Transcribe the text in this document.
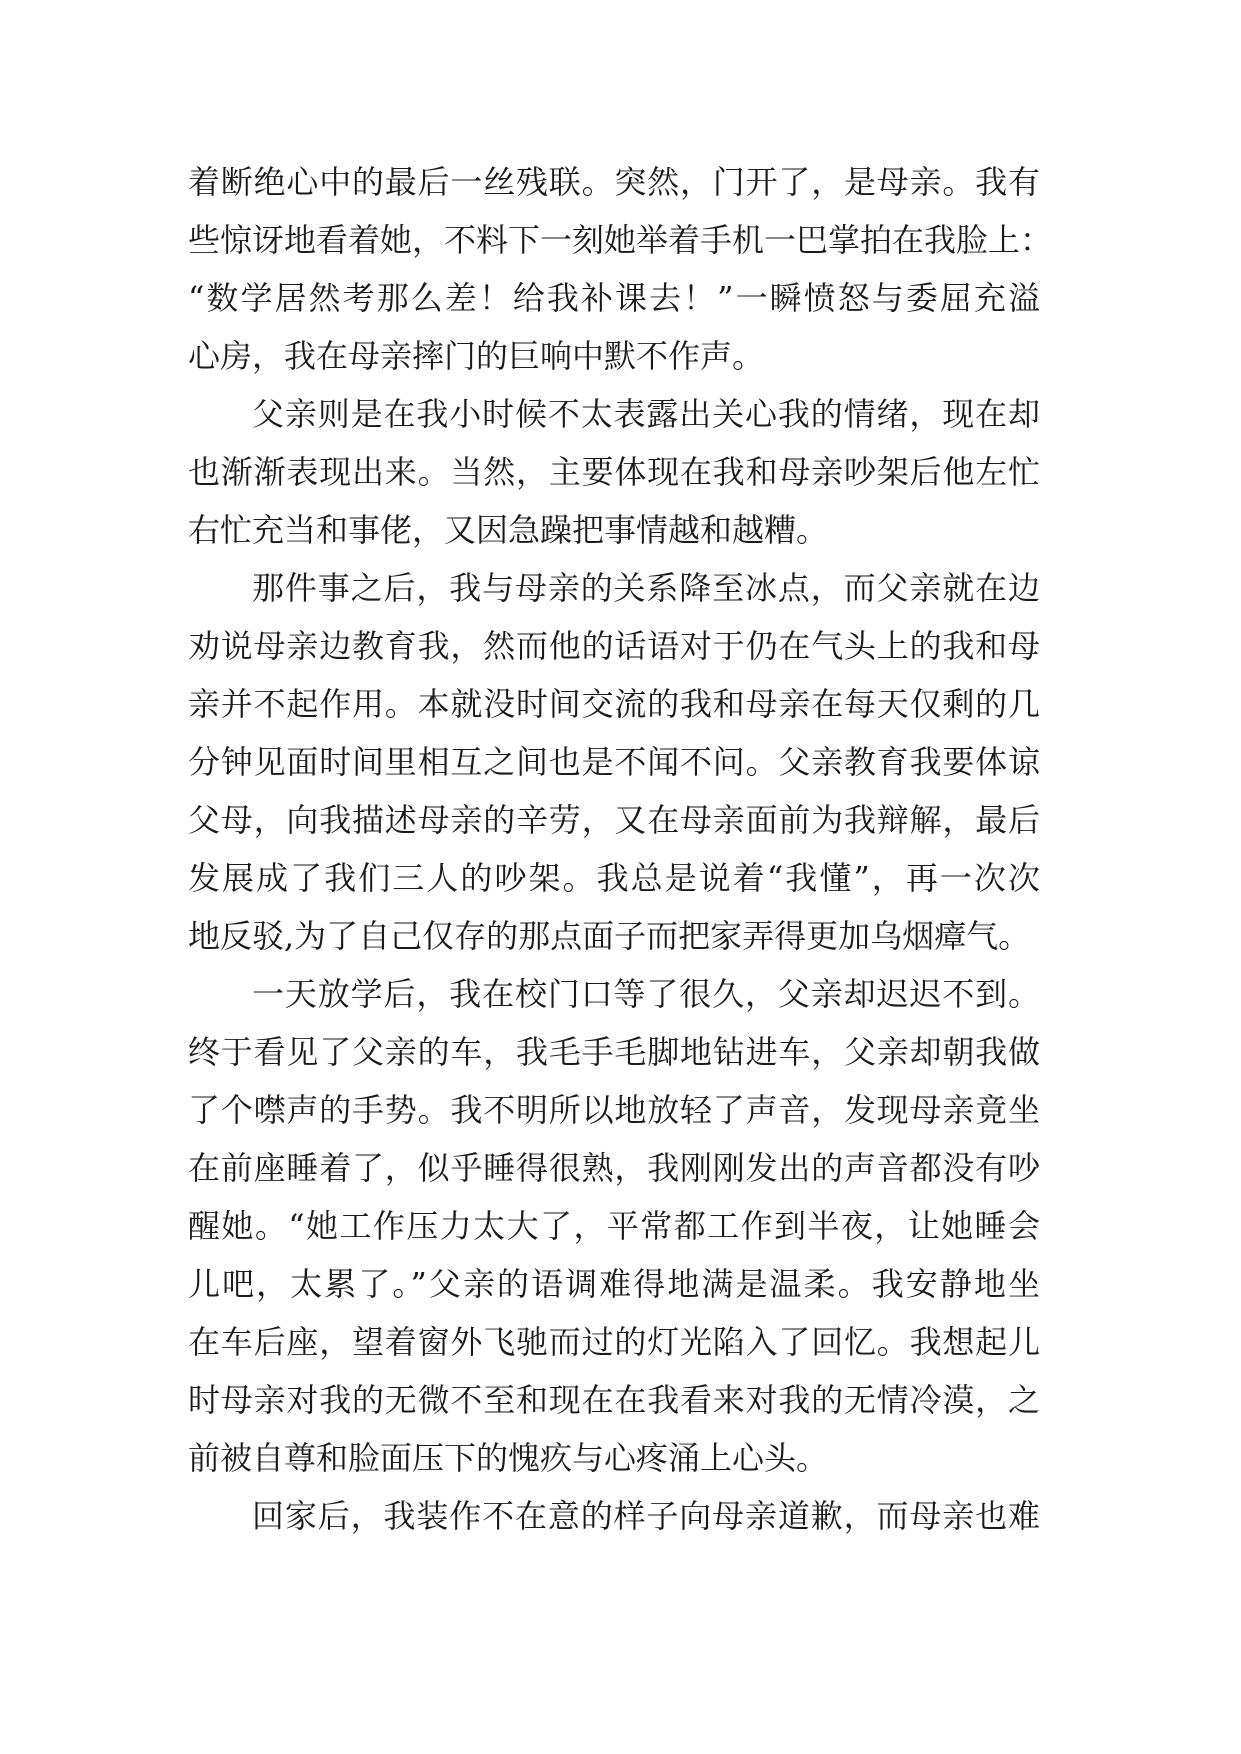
着断绝心中的最后一丝残联。突然，门开了，是母亲。我有
些惊讶地看着她，不料下一刻她举着手机一巴掌拍在我脸上：
“数学居然考那么差！给我补课去！”一瞬愤怒与委屈充溢
心房，我在母亲摔门的巨响中默不作声。
父亲则是在我小时候不太表露出关心我的情绪，现在却
也渐渐表现出来。当然，主要体现在我和母亲吵架后他左忙
右忙充当和事佬，又因急躁把事情越和越糟。
那件事之后，我与母亲的关系降至冰点，而父亲就在边
劝说母亲边教育我，然而他的话语对于仍在气头上的我和母
亲并不起作用。本就没时间交流的我和母亲在每天仅剩的几
分钟见面时间里相互之间也是不闻不问。父亲教育我要体谅
父母，向我描述母亲的辛劳，又在母亲面前为我辩解，最后
发展成了我们三人的吵架。我总是说着“我懂”，再一次次
地反驳,为了自己仅存的那点面子而把家弄得更加乌烟瘴气。
一天放学后，我在校门口等了很久，父亲却迟迟不到。
终于看见了父亲的车，我毛手毛脚地钻进车，父亲却朝我做
了个噤声的手势。我不明所以地放轻了声音，发现母亲竟坐
在前座睡着了，似乎睡得很熟，我刚刚发出的声音都没有吵
醒她。“她工作压力太大了，平常都工作到半夜，让她睡会
儿吧，太累了。”父亲的语调难得地满是温柔。我安静地坐
在车后座，望着窗外飞驰而过的灯光陷入了回忆。我想起儿
时母亲对我的无微不至和现在在我看来对我的无情冷漠，之
前被自尊和脸面压下的愧疚与心疼涌上心头。
回家后，我装作不在意的样子向母亲道歉，而母亲也难
